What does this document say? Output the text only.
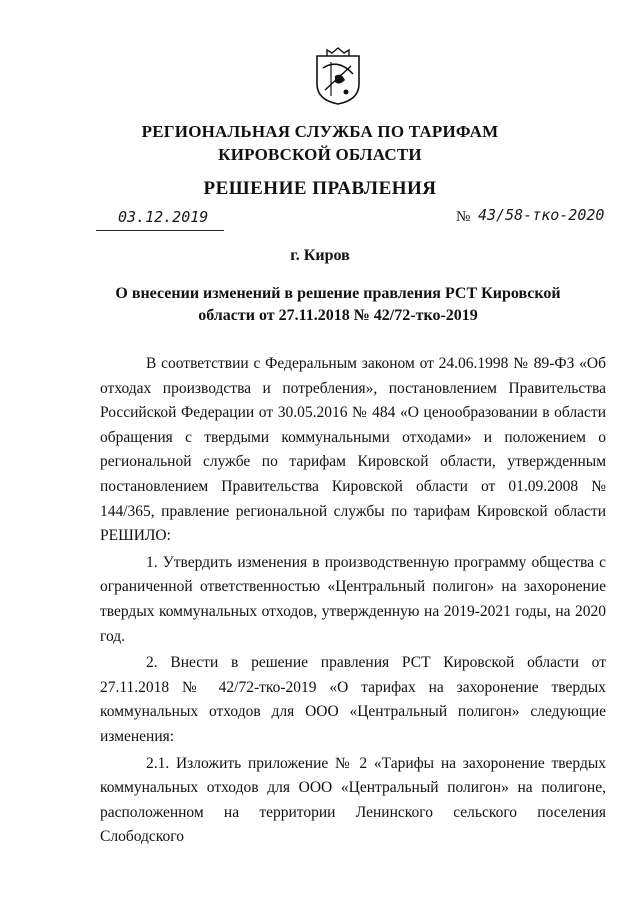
РЕГИОНАЛЬНАЯ СЛУЖБА ПО ТАРИФАМ
КИРОВСКОЙ ОБЛАСТИ
РЕШЕНИЕ ПРАВЛЕНИЯ
03.12.2019	№ 43/58-тко-2020
г. Киров
О внесении изменений в решение правления РСТ Кировской области от 27.11.2018 № 42/72-тко-2019

В соответствии с Федеральным законом от 24.06.1998 № 89-ФЗ «Об отходах производства и потребления», постановлением Правительства Российской Федерации от 30.05.2016 № 484 «О ценообразовании в области обращения с твердыми коммунальными отходами» и положением о региональной службе по тарифам Кировской области, утвержденным постановлением Правительства Кировской области от 01.09.2008 № 144/365, правление региональной службы по тарифам Кировской области РЕШИЛО:

1. Утвердить изменения в производственную программу общества с ограниченной ответственностью «Центральный полигон» на захоронение твердых коммунальных отходов, утвержденную на 2019-2021 годы, на 2020 год.

2. Внести в решение правления РСТ Кировской области от 27.11.2018 № 42/72-тко-2019 «О тарифах на захоронение твердых коммунальных отходов для ООО «Центральный полигон» следующие изменения:

2.1. Изложить приложение № 2 «Тарифы на захоронение твердых коммунальных отходов для ООО «Центральный полигон» на полигоне, расположенном на территории Ленинского сельского поселения Слободского
